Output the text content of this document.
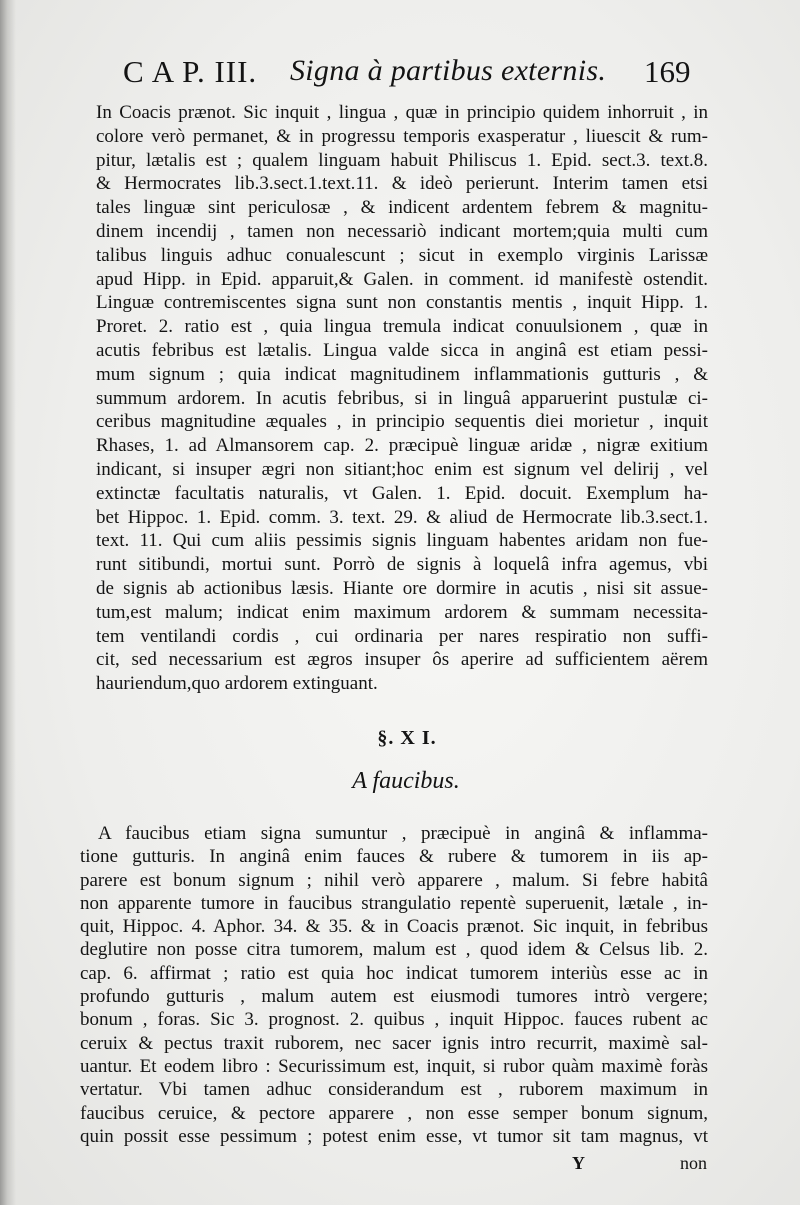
C A P. III. Signa à partibus externis. 169
In Coacis prænot. Sic inquit , lingua , quæ in principio quidem inhorruit , in
colore verò permanet, & in progressu temporis exasperatur , liuescit & rum-
pitur, lætalis est ; qualem linguam habuit Philiscus 1. Epid. sect.3. text.8.
& Hermocrates lib.3.sect.1.text.11. & ideò perierunt. Interim tamen etsi
tales linguæ sint periculosæ , & indicent ardentem febrem & magnitu-
dinem incendij , tamen non necessariò indicant mortem;quia multi cum
talibus linguis adhuc conualescunt ; sicut in exemplo virginis Larissæ
apud Hipp. in Epid. apparuit,& Galen. in comment. id manifestè ostendit.
Linguæ contremiscentes signa sunt non constantis mentis , inquit Hipp. 1.
Proret. 2. ratio est , quia lingua tremula indicat conuulsionem , quæ in
acutis febribus est lætalis. Lingua valde sicca in anginâ est etiam pessi-
mum signum ; quia indicat magnitudinem inflammationis gutturis , &
summum ardorem. In acutis febribus, si in linguâ apparuerint pustulæ ci-
ceribus magnitudine æquales , in principio sequentis diei morietur , inquit
Rhases, 1. ad Almansorem cap. 2. præcipuè linguæ aridæ , nigræ exitium
indicant, si insuper ægri non sitiant;hoc enim est signum vel delirij , vel
extinctæ facultatis naturalis, vt Galen. 1. Epid. docuit. Exemplum ha-
bet Hippoc. 1. Epid. comm. 3. text. 29. & aliud de Hermocrate lib.3.sect.1.
text. 11. Qui cum aliis pessimis signis linguam habentes aridam non fue-
runt sitibundi, mortui sunt. Porrò de signis à loquelâ infra agemus, vbi
de signis ab actionibus læsis. Hiante ore dormire in acutis , nisi sit assue-
tum,est malum; indicat enim maximum ardorem & summam necessita-
tem ventilandi cordis , cui ordinaria per nares respiratio non suffi-
cit, sed necessarium est ægros insuper ôs aperire ad sufficientem aërem
hauriendum,quo ardorem extinguant.
§. X I.
A faucibus.
A faucibus etiam signa sumuntur , præcipuè in anginâ & inflamma-
tione gutturis. In anginâ enim fauces & rubere & tumorem in iis ap-
parere est bonum signum ; nihil verò apparere , malum. Si febre habitâ
non apparente tumore in faucibus strangulatio repentè superuenit, lætale , in-
quit, Hippoc. 4. Aphor. 34. & 35. & in Coacis prænot. Sic inquit, in febribus
deglutire non posse citra tumorem, malum est , quod idem & Celsus lib. 2.
cap. 6. affirmat ; ratio est quia hoc indicat tumorem interiùs esse ac in
profundo gutturis , malum autem est eiusmodi tumores intrò vergere;
bonum , foras. Sic 3. prognost. 2. quibus , inquit Hippoc. fauces rubent ac
ceruix & pectus traxit ruborem, nec sacer ignis intro recurrit, maximè sal-
uantur. Et eodem libro : Securissimum est, inquit, si rubor quàm maximè foràs
vertatur. Vbi tamen adhuc considerandum est , ruborem maximum in
faucibus ceruice, & pectore apparere , non esse semper bonum signum,
quin possit esse pessimum ; potest enim esse, vt tumor sit tam magnus, vt
Y	non
